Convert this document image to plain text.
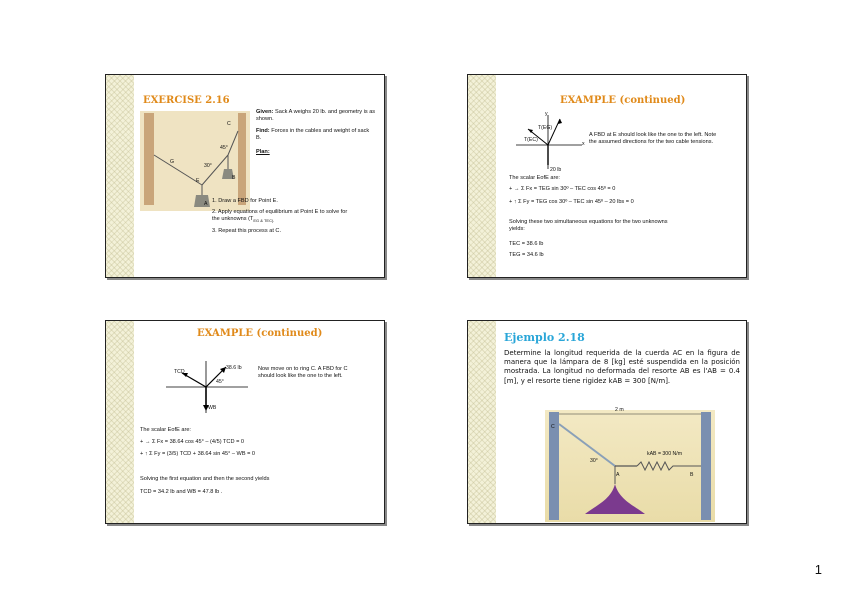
EXERCISE 2.16
C
E
G
A
B
45°
30°
Given: Sack A weighs 20 lb. and geometry is as shown.
Find: Forces in the cables and weight of sack B.
Plan:
1. Draw a FBD for Point E.
2. Apply equations of equilibrium at Point E to solve for the unknowns ($T_{EG \& TEC).}$
3. Repeat this process at C.
EXAMPLE (continued)
y
x
T(EG)
T(EC)
20 lb
A FBD at E should look like the one to the left. Note the assumed directions for the two cable tensions.
The scalar EofE are:
+ → Σ Fx = TEG sin 30º – TEC cos 45º = 0
+ ↑ Σ Fy = TEG cos 30º – TEC sin 45º – 20 lbs = 0
Solving these two simultaneous equations for the two unknowns yields:
TEC = 38.6 lb
TEG = 34.6 lb
EXAMPLE (continued)
38.6 lb
TCD
WB
45°
Now move on to ring C. A FBD for C should look like the one to the left.
The scalar EofE are:
+ → Σ Fx = 38.64 cos 45° – (4/5) TCD = 0
+ ↑ Σ Fy = (3/5) TCD + 38.64 sin 45° – WB = 0
Solving the first equation and then the second yields
TCD = 34.2 lb and WB = 47.8 lb .
Ejemplo 2.18
Determine la longitud requerida de la cuerda AC en la figura de manera que la lámpara de 8 [kg] esté suspendida en la posición mostrada. La longitud no deformada del resorte AB es l'AB = 0.4 [m], y el resorte tiene rigidez kAB = 300 [N/m].
2 m
kAB = 300 N/m
C
A	B
30°
1
